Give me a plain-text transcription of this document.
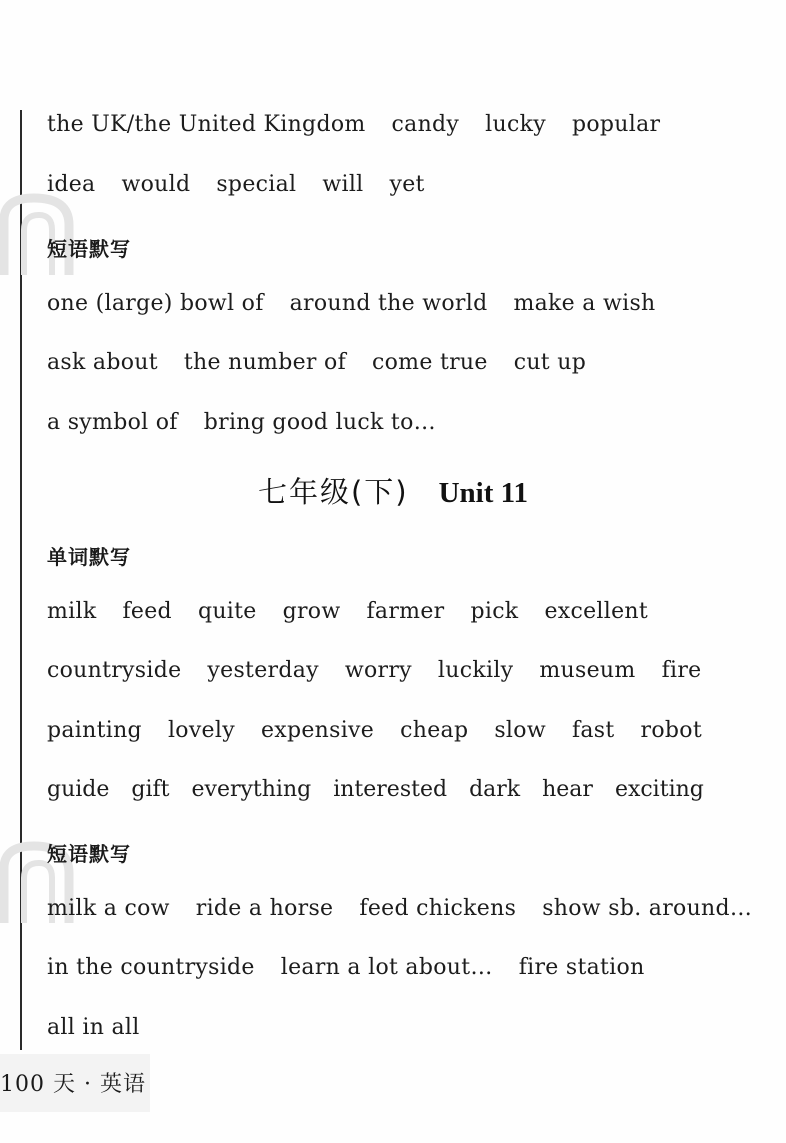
the UK/the United Kingdom candy lucky popular
idea would special will yet
短语默写
one (large) bowl of around the world make a wish
ask about the number of come true cut up
a symbol of bring good luck to…
七年级(下) Unit 11
单词默写
milk feed quite grow farmer pick excellent
countryside yesterday worry luckily museum fire
painting lovely expensive cheap slow fast robot
guide gift everything interested dark hear exciting
短语默写
milk a cow ride a horse feed chickens show sb. around…
in the countryside learn a lot about… fire station
all in all
100 天 · 英语
